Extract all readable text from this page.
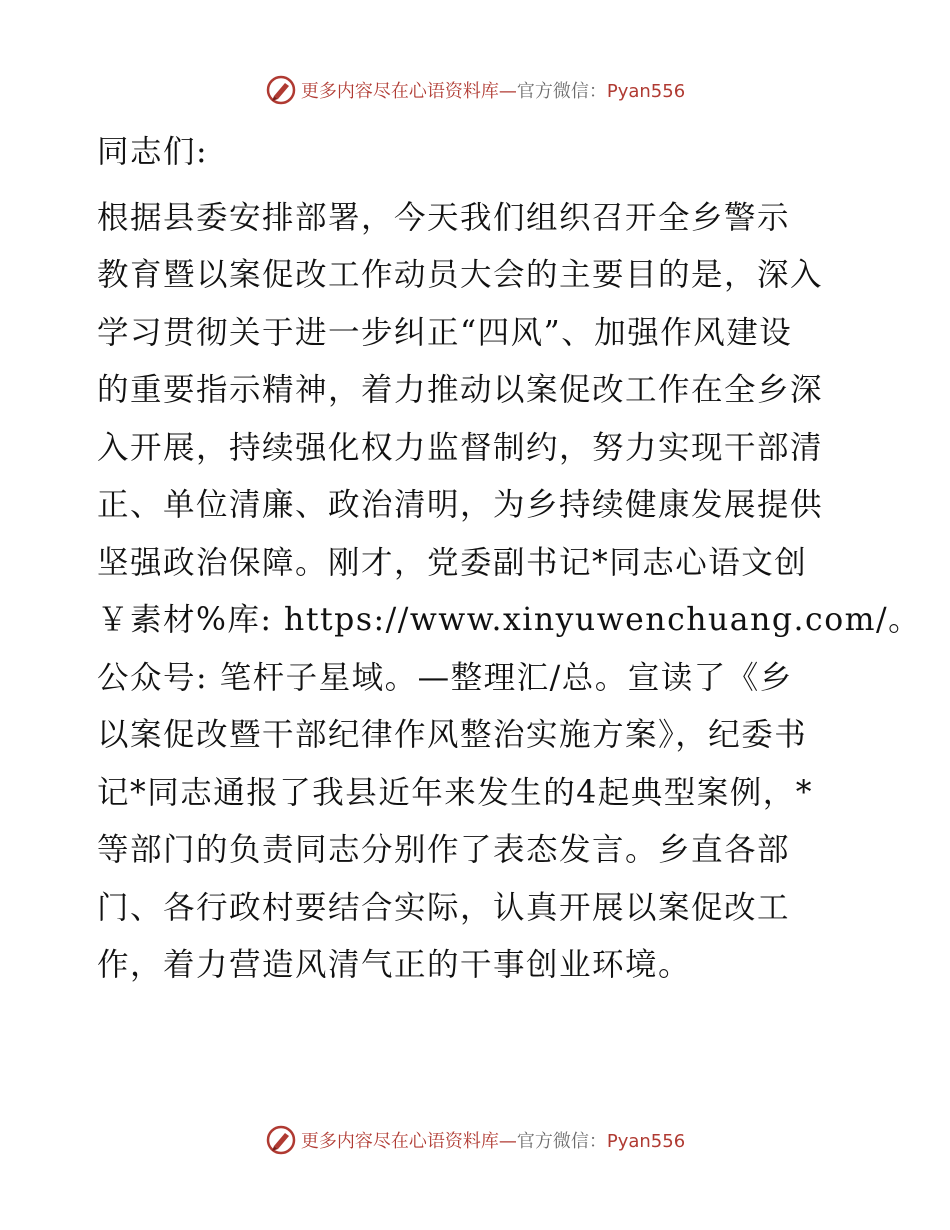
更多内容尽在心语资料库—官方微信：Pyan556
同志们:
根据县委安排部署，今天我们组织召开全乡警示
教育暨以案促改工作动员大会的主要目的是，深入
学习贯彻关于进一步纠正“四风”、加强作风建设
的重要指示精神，着力推动以案促改工作在全乡深
入开展，持续强化权力监督制约，努力实现干部清
正、单位清廉、政治清明，为乡持续健康发展提供
坚强政治保障。刚才，党委副书记*同志心语文创
￥素材%库: https://www.xinyuwenchuang.com/。
公众号: 笔杆子星域。—整理汇/总。宣读了《乡
以案促改暨干部纪律作风整治实施方案》，纪委书
记*同志通报了我县近年来发生的4起典型案例，*
等部门的负责同志分别作了表态发言。乡直各部
门、各行政村要结合实际，认真开展以案促改工
作，着力营造风清气正的干事创业环境。
更多内容尽在心语资料库—官方微信：Pyan556
